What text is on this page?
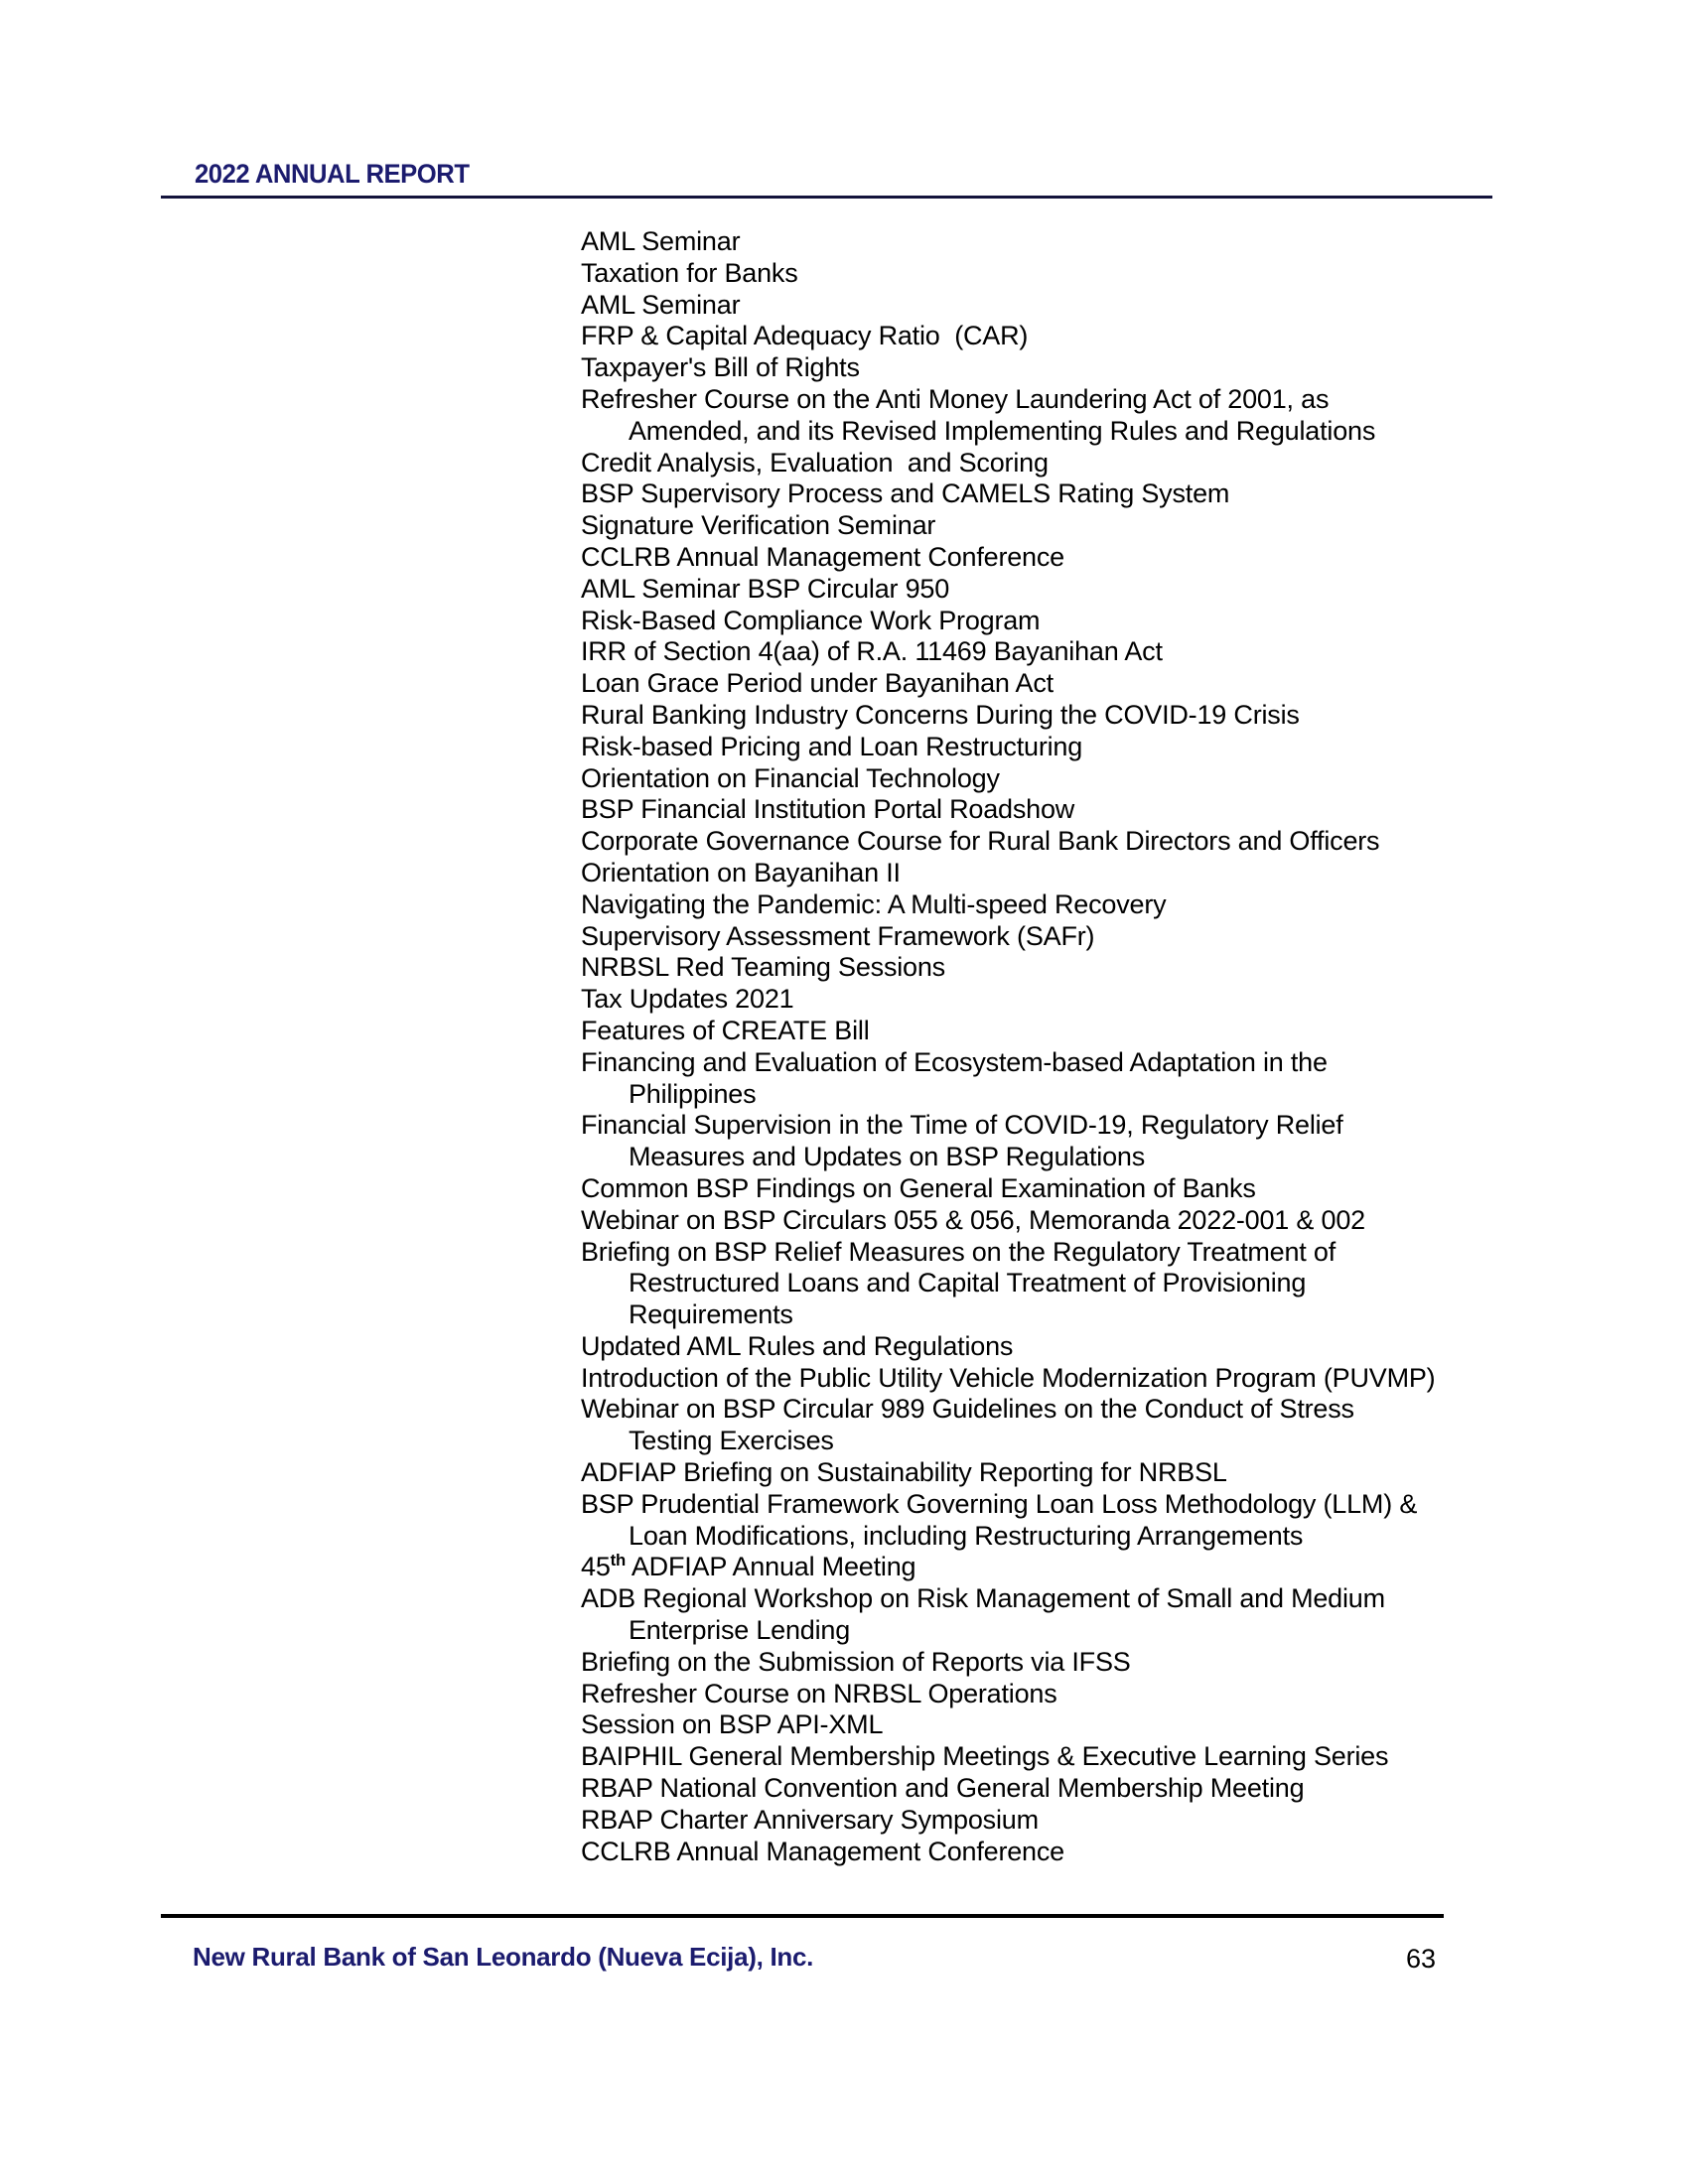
2022 ANNUAL REPORT
AML Seminar
Taxation for Banks
AML Seminar
FRP & Capital Adequacy Ratio  (CAR)
Taxpayer's Bill of Rights
Refresher Course on the Anti Money Laundering Act of 2001, as
Amended, and its Revised Implementing Rules and Regulations
Credit Analysis, Evaluation  and Scoring
BSP Supervisory Process and CAMELS Rating System
Signature Verification Seminar
CCLRB Annual Management Conference
AML Seminar BSP Circular 950
Risk-Based Compliance Work Program
IRR of Section 4(aa) of R.A. 11469 Bayanihan Act
Loan Grace Period under Bayanihan Act
Rural Banking Industry Concerns During the COVID-19 Crisis
Risk-based Pricing and Loan Restructuring
Orientation on Financial Technology
BSP Financial Institution Portal Roadshow
Corporate Governance Course for Rural Bank Directors and Officers
Orientation on Bayanihan II
Navigating the Pandemic: A Multi-speed Recovery
Supervisory Assessment Framework (SAFr)
NRBSL Red Teaming Sessions
Tax Updates 2021
Features of CREATE Bill
Financing and Evaluation of Ecosystem-based Adaptation in the
Philippines
Financial Supervision in the Time of COVID-19, Regulatory Relief
Measures and Updates on BSP Regulations
Common BSP Findings on General Examination of Banks
Webinar on BSP Circulars 055 & 056, Memoranda 2022-001 & 002
Briefing on BSP Relief Measures on the Regulatory Treatment of
Restructured Loans and Capital Treatment of Provisioning
Requirements
Updated AML Rules and Regulations
Introduction of the Public Utility Vehicle Modernization Program (PUVMP)
Webinar on BSP Circular 989 Guidelines on the Conduct of Stress
Testing Exercises
ADFIAP Briefing on Sustainability Reporting for NRBSL
BSP Prudential Framework Governing Loan Loss Methodology (LLM) &
Loan Modifications, including Restructuring Arrangements
45th ADFIAP Annual Meeting
ADB Regional Workshop on Risk Management of Small and Medium
Enterprise Lending
Briefing on the Submission of Reports via IFSS
Refresher Course on NRBSL Operations
Session on BSP API-XML
BAIPHIL General Membership Meetings & Executive Learning Series
RBAP National Convention and General Membership Meeting
RBAP Charter Anniversary Symposium
CCLRB Annual Management Conference
New Rural Bank of San Leonardo (Nueva Ecija), Inc.	63
